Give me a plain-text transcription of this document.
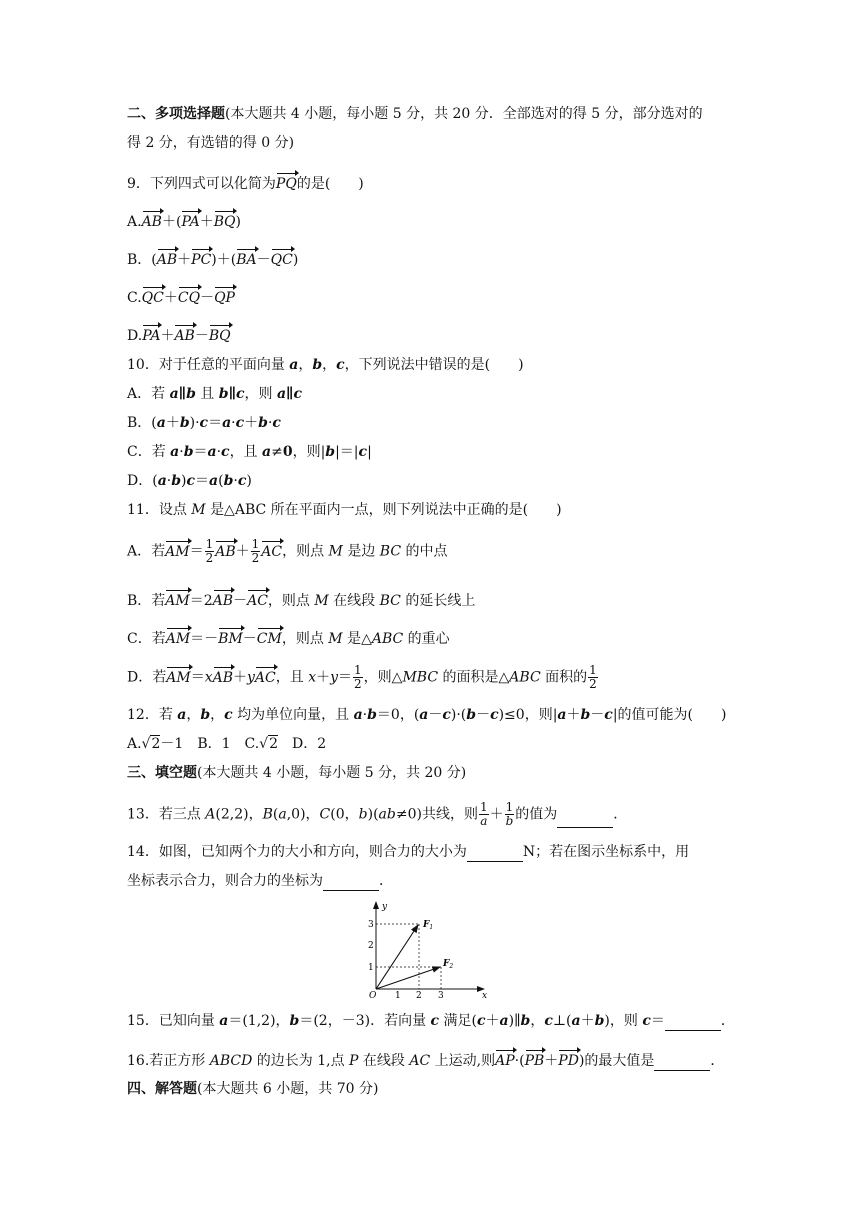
二、多项选择题(本大题共 4 小题，每小题 5 分，共 20 分．全部选对的得 5 分，部分选对的
得 2 分，有选错的得 0 分)
9．下列四式可以化简为PQ的是(　　)
A.AB＋(PA＋BQ)
B．(AB＋PC)＋(BA－QC)
C.QC＋CQ－QP
D.PA＋AB－BQ
10．对于任意的平面向量 a，b，c，下列说法中错误的是(　　)
A．若 a∥b 且 b∥c，则 a∥c
B．(a＋b)·c＝a·c＋b·c
C．若 a·b＝a·c，且 a≠0，则|b|＝|c|
D．(a·b)c＝a(b·c)
11．设点 M 是△ABC 所在平面内一点，则下列说法中正确的是(　　)
A．若$AM= \frac{1}{2} AB+ \frac{1}{2}$ AC，则点 M 是边 BC 的中点
B．若AM＝2AB－AC，则点 M 在线段 BC 的延长线上
C．若AM＝－BM－CM，则点 M 是△ABC 的重心
D．若AM＝xAB＋yAC，且 $x+y= \frac{1}{2}$ ，则△MBC 的面积是△ABC 面积的 $\frac{1}{2}$
12．若 a，b，c 均为单位向量，且 a·b＝0，(a－c)·(b－c)≤0，则|a＋b－c|的值可能为(　　)
A.√2－1　B．1　C.√2　D．2
三、填空题(本大题共 4 小题，每小题 5 分，共 20 分)
13．若三点 A(2,2)，B(a,0)，C(0，b)(ab≠0)共线，则 $\frac{1}{a} + \frac{1}{b}$ 的值为	．
14．如图，已知两个力的大小和方向，则合力的大小为	N；若在图示坐标系中，用
坐标表示合力，则合力的坐标为	．
y
x
O 1 2 3
1
2
3	$F_1$
$F_2$
15．已知向量 a＝(1,2)，b＝(2，－3)．若向量 c 满足(c＋a)∥b，c⊥(a＋b)，则 c＝	．
16.若正方形 ABCD 的边长为 1,点 P 在线段 AC 上运动,则AP·(PB＋PD)的最大值是	．
四、解答题(本大题共 6 小题，共 70 分)
